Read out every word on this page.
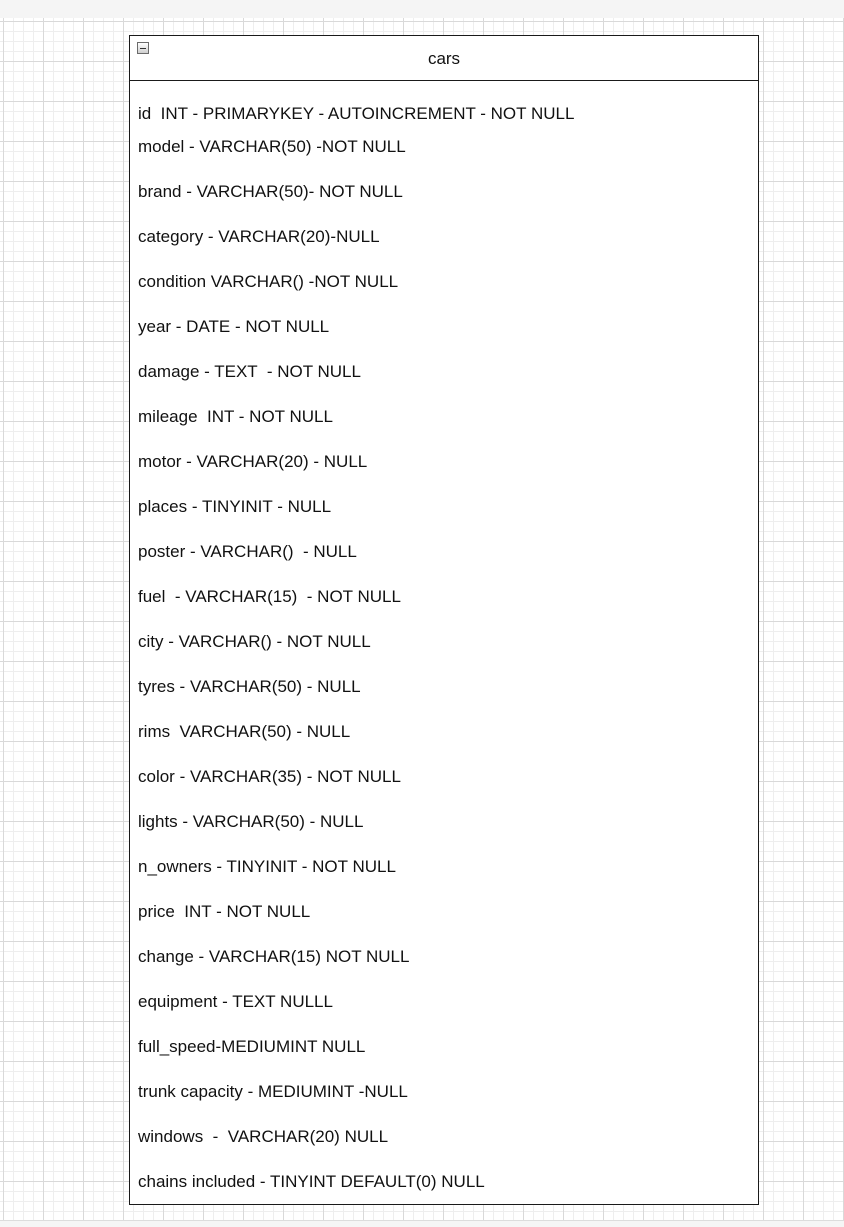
cars
id  INT - PRIMARYKEY - AUTOINCREMENT - NOT NULL
model - VARCHAR(50) -NOT NULL
brand - VARCHAR(50)- NOT NULL
category - VARCHAR(20)-NULL
condition VARCHAR() -NOT NULL
year - DATE - NOT NULL
damage - TEXT  - NOT NULL
mileage  INT - NOT NULL
motor - VARCHAR(20) - NULL
places - TINYINIT - NULL
poster - VARCHAR()  - NULL
fuel  - VARCHAR(15)  - NOT NULL
city - VARCHAR() - NOT NULL
tyres - VARCHAR(50) - NULL
rims  VARCHAR(50) - NULL
color - VARCHAR(35) - NOT NULL
lights - VARCHAR(50) - NULL
n_owners - TINYINIT - NOT NULL
price  INT - NOT NULL
change - VARCHAR(15) NOT NULL
equipment - TEXT NULLL
full_speed-MEDIUMINT NULL
trunk capacity - MEDIUMINT -NULL
windows  -  VARCHAR(20) NULL
chains included - TINYINT DEFAULT(0) NULL
